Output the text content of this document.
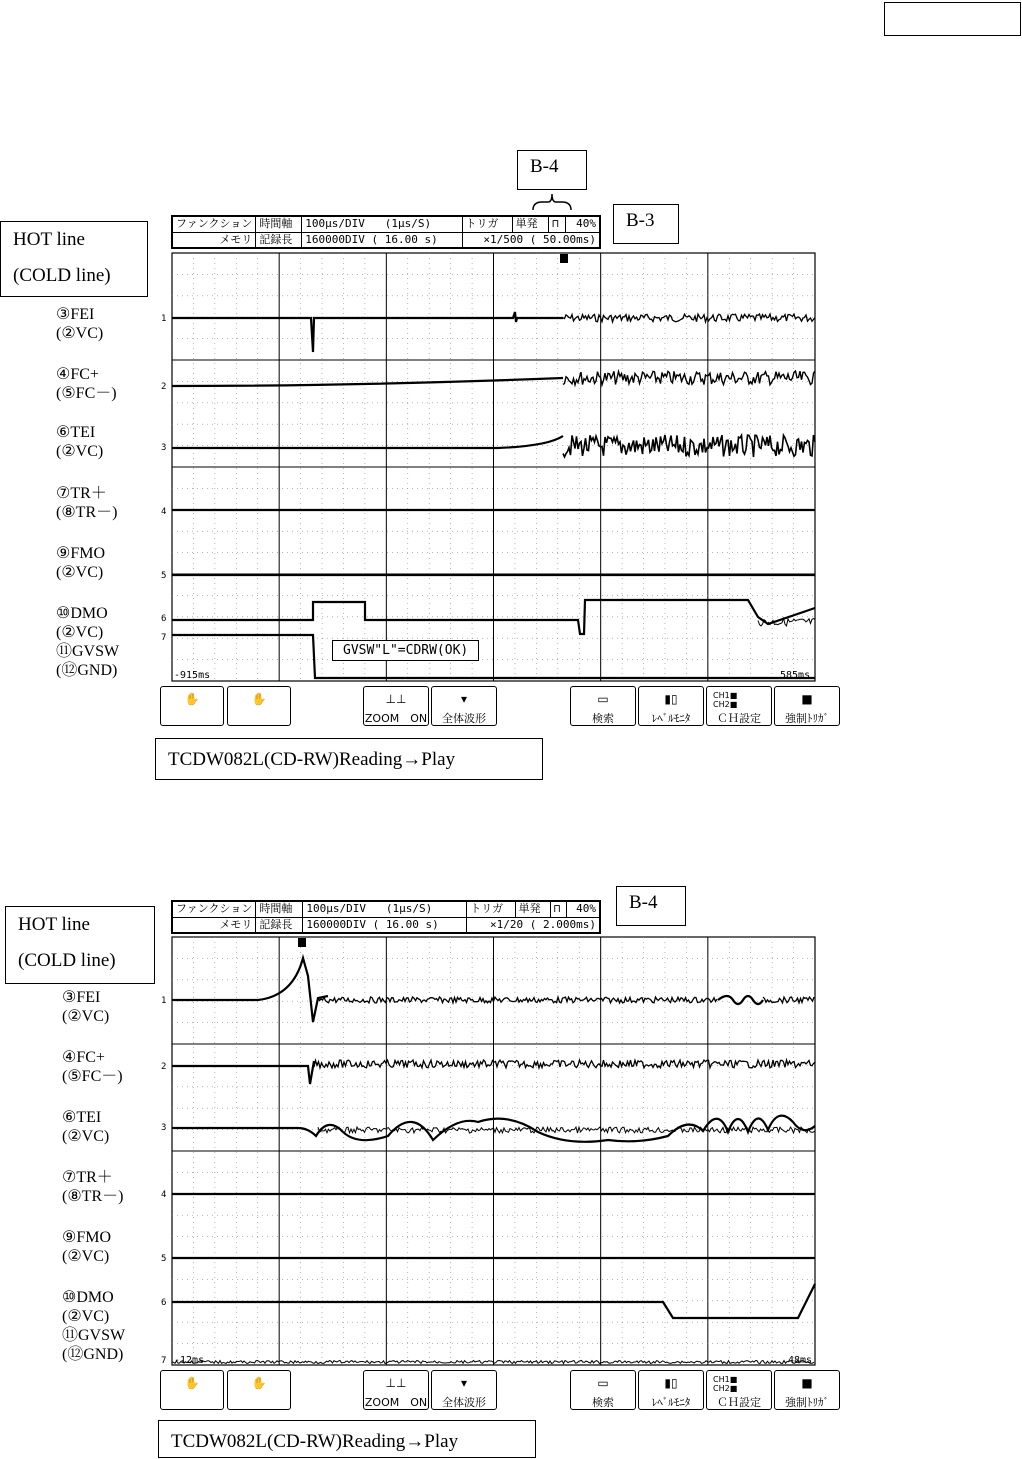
B-4
B-3
HOT line
(COLD line)
ファンクション	時間軸	100µs/DIV (1µs/S)	トリガ	単発	⊓	40%
メモリ	記録長	160000DIV ( 16.00 s)	×1/500 ( 50.00ms)			
③FEI
(②VC)
④FC+
(⑤FC－)
⑥TEI
(②VC)
⑦TR＋
(⑧TR－)
⑨FMO
(②VC)
⑩DMO
(②VC)
⑪GVSW
(⑫GND)
1
2
3
4
5
6
7
-915ms	585ms
GVSW"L"=CDRW(OK)
✋	✋	⊥⊥
ZOOM　ON
▾
全体波形
▭
検索
▮▯
ﾚﾍﾞﾙﾓﾆﾀ
CH1■
CH2■
ＣＨ設定
■
強制ﾄﾘｶﾞ
TCDW082L(CD-RW)Reading→Play
B-4
HOT line
(COLD line)
ファンクション	時間軸	100µs/DIV (1µs/S)	トリガ	単発	⊓	40%
メモリ	記録長	160000DIV ( 16.00 s)	×1/20 ( 2.000ms)			
③FEI
(②VC)
④FC+
(⑤FC－)
⑥TEI
(②VC)
⑦TR＋
(⑧TR－)
⑨FMO
(②VC)
⑩DMO
(②VC)
⑪GVSW
(⑫GND)
1
2
3
4
5
6
7 -12ms	48ms
✋	✋	⊥⊥
ZOOM　ON
▾
全体波形
▭
検索
▮▯
ﾚﾍﾞﾙﾓﾆﾀ
CH1■
CH2■
ＣＨ設定
■
強制ﾄﾘｶﾞ
TCDW082L(CD-RW)Reading→Play
